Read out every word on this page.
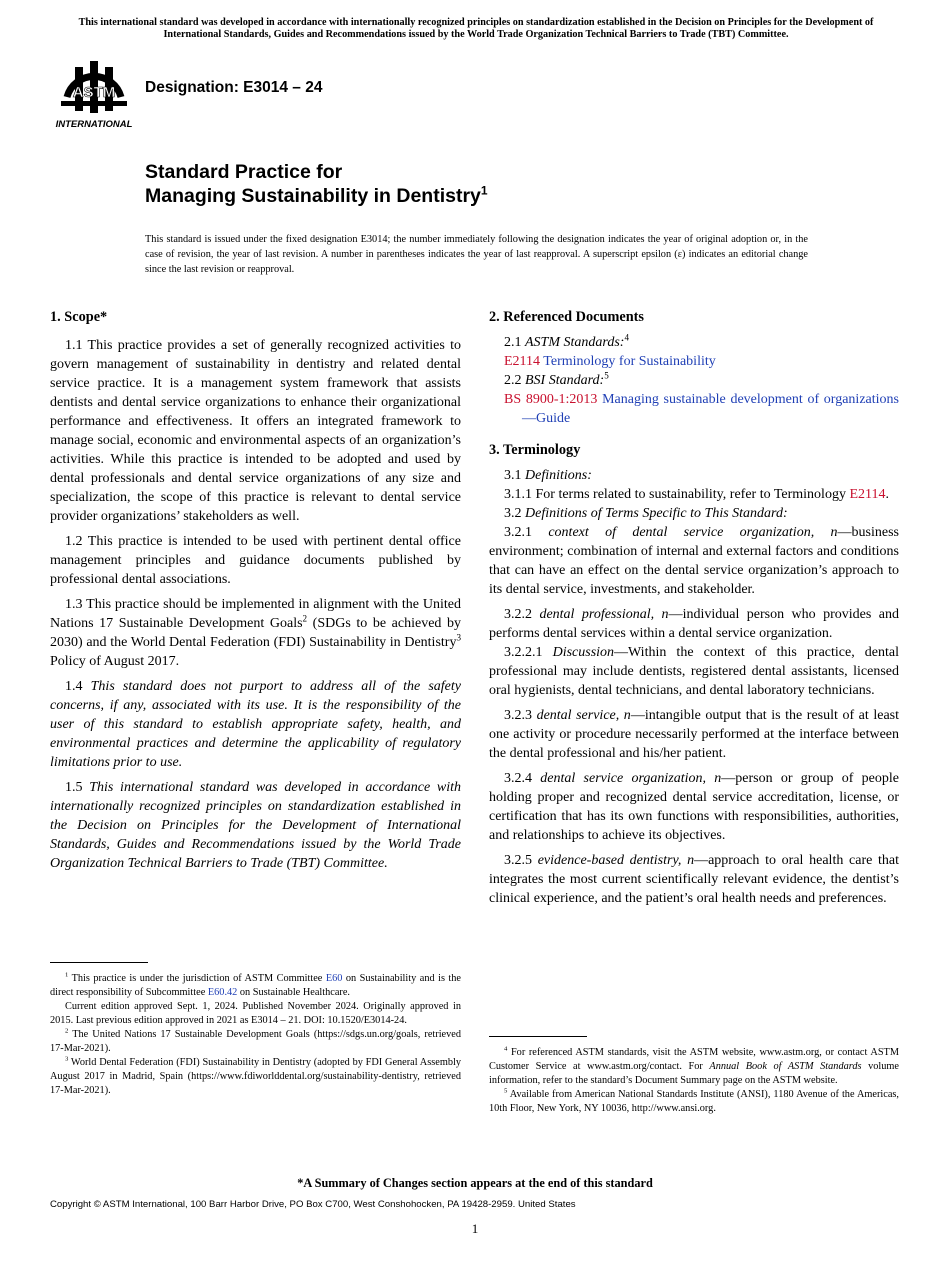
This international standard was developed in accordance with internationally recognized principles on standardization established in the Decision on Principles for the Development of International Standards, Guides and Recommendations issued by the World Trade Organization Technical Barriers to Trade (TBT) Committee.
ASTM
INTERNATIONAL
Designation: E3014 – 24
Standard Practice for
Managing Sustainability in Dentistry$^1$
This standard is issued under the fixed designation E3014; the number immediately following the designation indicates the year of original adoption or, in the case of revision, the year of last revision. A number in parentheses indicates the year of last reapproval. A superscript epsilon (ε) indicates an editorial change since the last revision or reapproval.
1. Scope*

1.1 This practice provides a set of generally recognized activities to govern management of sustainability in dentistry and related dental service practice. It is a management system framework that assists dentists and dental service organizations to enhance their organizational performance and effectiveness. It offers an integrated framework to manage social, economic and environmental aspects of an organization’s activities. While this practice is intended to be adopted and used by dental professionals and dental service organizations of any size and specialization, the scope of this practice is relevant to dental service provider organizations’ stakeholders as well.

1.2 This practice is intended to be used with pertinent dental office management principles and guidance documents published by professional dental associations.

1.3 This practice should be implemented in alignment with the United Nations 17 Sustainable Development Goals$^2$ (SDGs to be achieved by 2030) and the World Dental Federation (FDI) Sustainability in Dentistry$^3$ Policy of August 2017.

1.4 This standard does not purport to address all of the safety concerns, if any, associated with its use. It is the responsibility of the user of this standard to establish appropriate safety, health, and environmental practices and determine the applicability of regulatory limitations prior to use.

1.5 This international standard was developed in accordance with internationally recognized principles on standardization established in the Decision on Principles for the Development of International Standards, Guides and Recommendations issued by the World Trade Organization Technical Barriers to Trade (TBT) Committee.

$^1$ This practice is under the jurisdiction of ASTM Committee E60 on Sustainability and is the direct responsibility of Subcommittee E60.42 on Sustainable Healthcare.

Current edition approved Sept. 1, 2024. Published November 2024. Originally approved in 2015. Last previous edition approved in 2021 as E3014 – 21. DOI: 10.1520/E3014-24.

$^2$ The United Nations 17 Sustainable Development Goals (https://sdgs.un.org/goals, retrieved 17-Mar-2021).

$^3$ World Dental Federation (FDI) Sustainability in Dentistry (adopted by FDI General Assembly August 2017 in Madrid, Spain (https://www.fdiworlddental.org/sustainability-dentistry, retrieved 17-Mar-2021).

2. Referenced Documents

2.1 ASTM Standards:$^4$

E2114 Terminology for Sustainability

2.2 BSI Standard:$^5$

BS 8900-1:2013 Managing sustainable development of organizations—Guide

3. Terminology

3.1 Definitions:

3.1.1 For terms related to sustainability, refer to Terminology E2114.

3.2 Definitions of Terms Specific to This Standard:

3.2.1 context of dental service organization, n—business environment; combination of internal and external factors and conditions that can have an effect on the dental service organization’s approach to its dental service, investments, and stakeholder.

3.2.2 dental professional, n—individual person who provides and performs dental services within a dental service organization.

3.2.2.1 Discussion—Within the context of this practice, dental professional may include dentists, registered dental assistants, licensed oral hygienists, dental technicians, and dental laboratory technicians.

3.2.3 dental service, n—intangible output that is the result of at least one activity or procedure necessarily performed at the interface between the dental professional and his/her patient.

3.2.4 dental service organization, n—person or group of people holding proper and recognized dental service accreditation, license, or certification that has its own functions with responsibilities, authorities, and relationships to achieve its objectives.

3.2.5 evidence-based dentistry, n—approach to oral health care that integrates the most current scientifically relevant evidence, the dentist’s clinical experience, and the patient’s oral health needs and preferences.

$^4$ For referenced ASTM standards, visit the ASTM website, www.astm.org, or contact ASTM Customer Service at www.astm.org/contact. For Annual Book of ASTM Standards volume information, refer to the standard’s Document Summary page on the ASTM website.

$^5$ Available from American National Standards Institute (ANSI), 1180 Avenue of the Americas, 10th Floor, New York, NY 10036, http://www.ansi.org.

*A Summary of Changes section appears at the end of this standard
Copyright © ASTM International, 100 Barr Harbor Drive, PO Box C700, West Conshohocken, PA 19428-2959. United States
1
